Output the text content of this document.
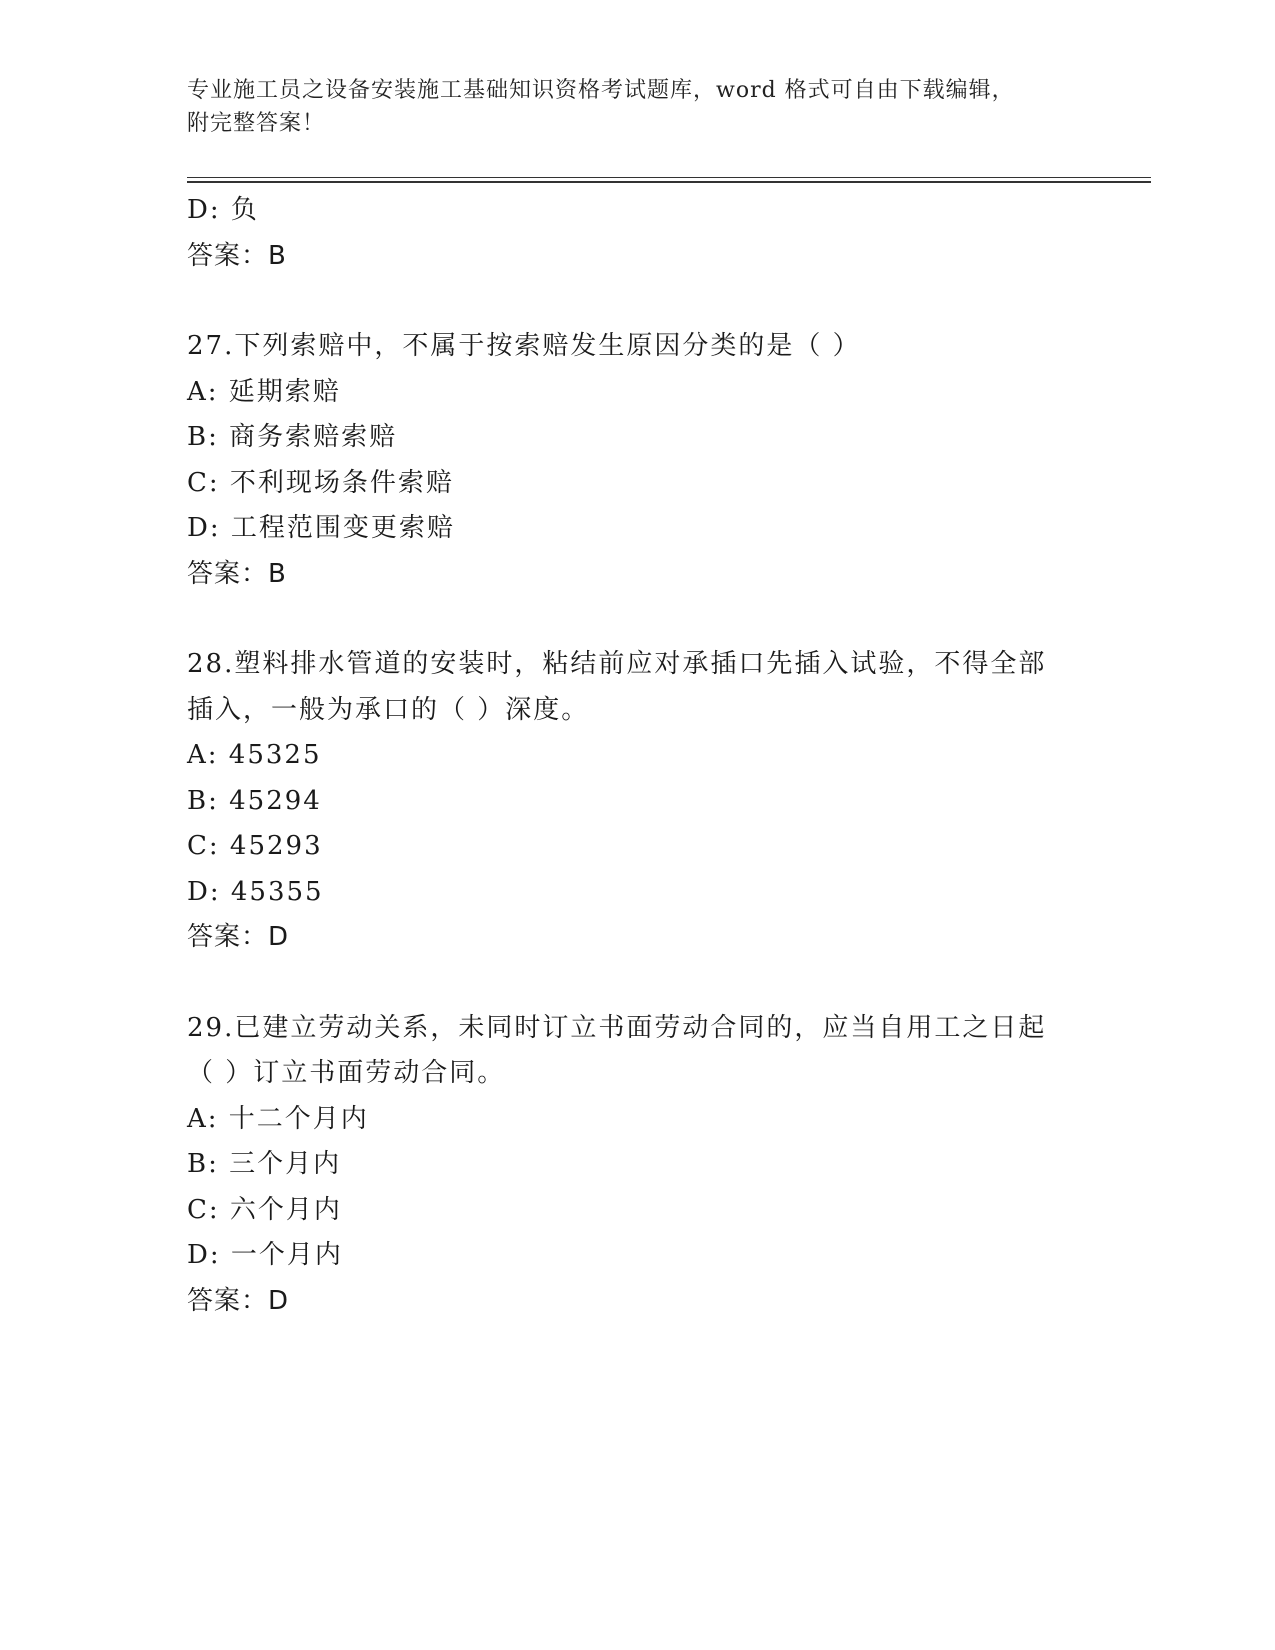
专业施工员之设备安装施工基础知识资格考试题库，word 格式可自由下载编辑，
附完整答案！
D: 负
答案：B
27.下列索赔中，不属于按索赔发生原因分类的是（ ）
A: 延期索赔
B: 商务索赔索赔
C: 不利现场条件索赔
D: 工程范围变更索赔
答案：B
28.塑料排水管道的安装时，粘结前应对承插口先插入试验，不得全部
插入，一般为承口的（ ）深度。
A: 45325
B: 45294
C: 45293
D: 45355
答案：D
29.已建立劳动关系，未同时订立书面劳动合同的，应当自用工之日起
（ ）订立书面劳动合同。
A: 十二个月内
B: 三个月内
C: 六个月内
D: 一个月内
答案：D
